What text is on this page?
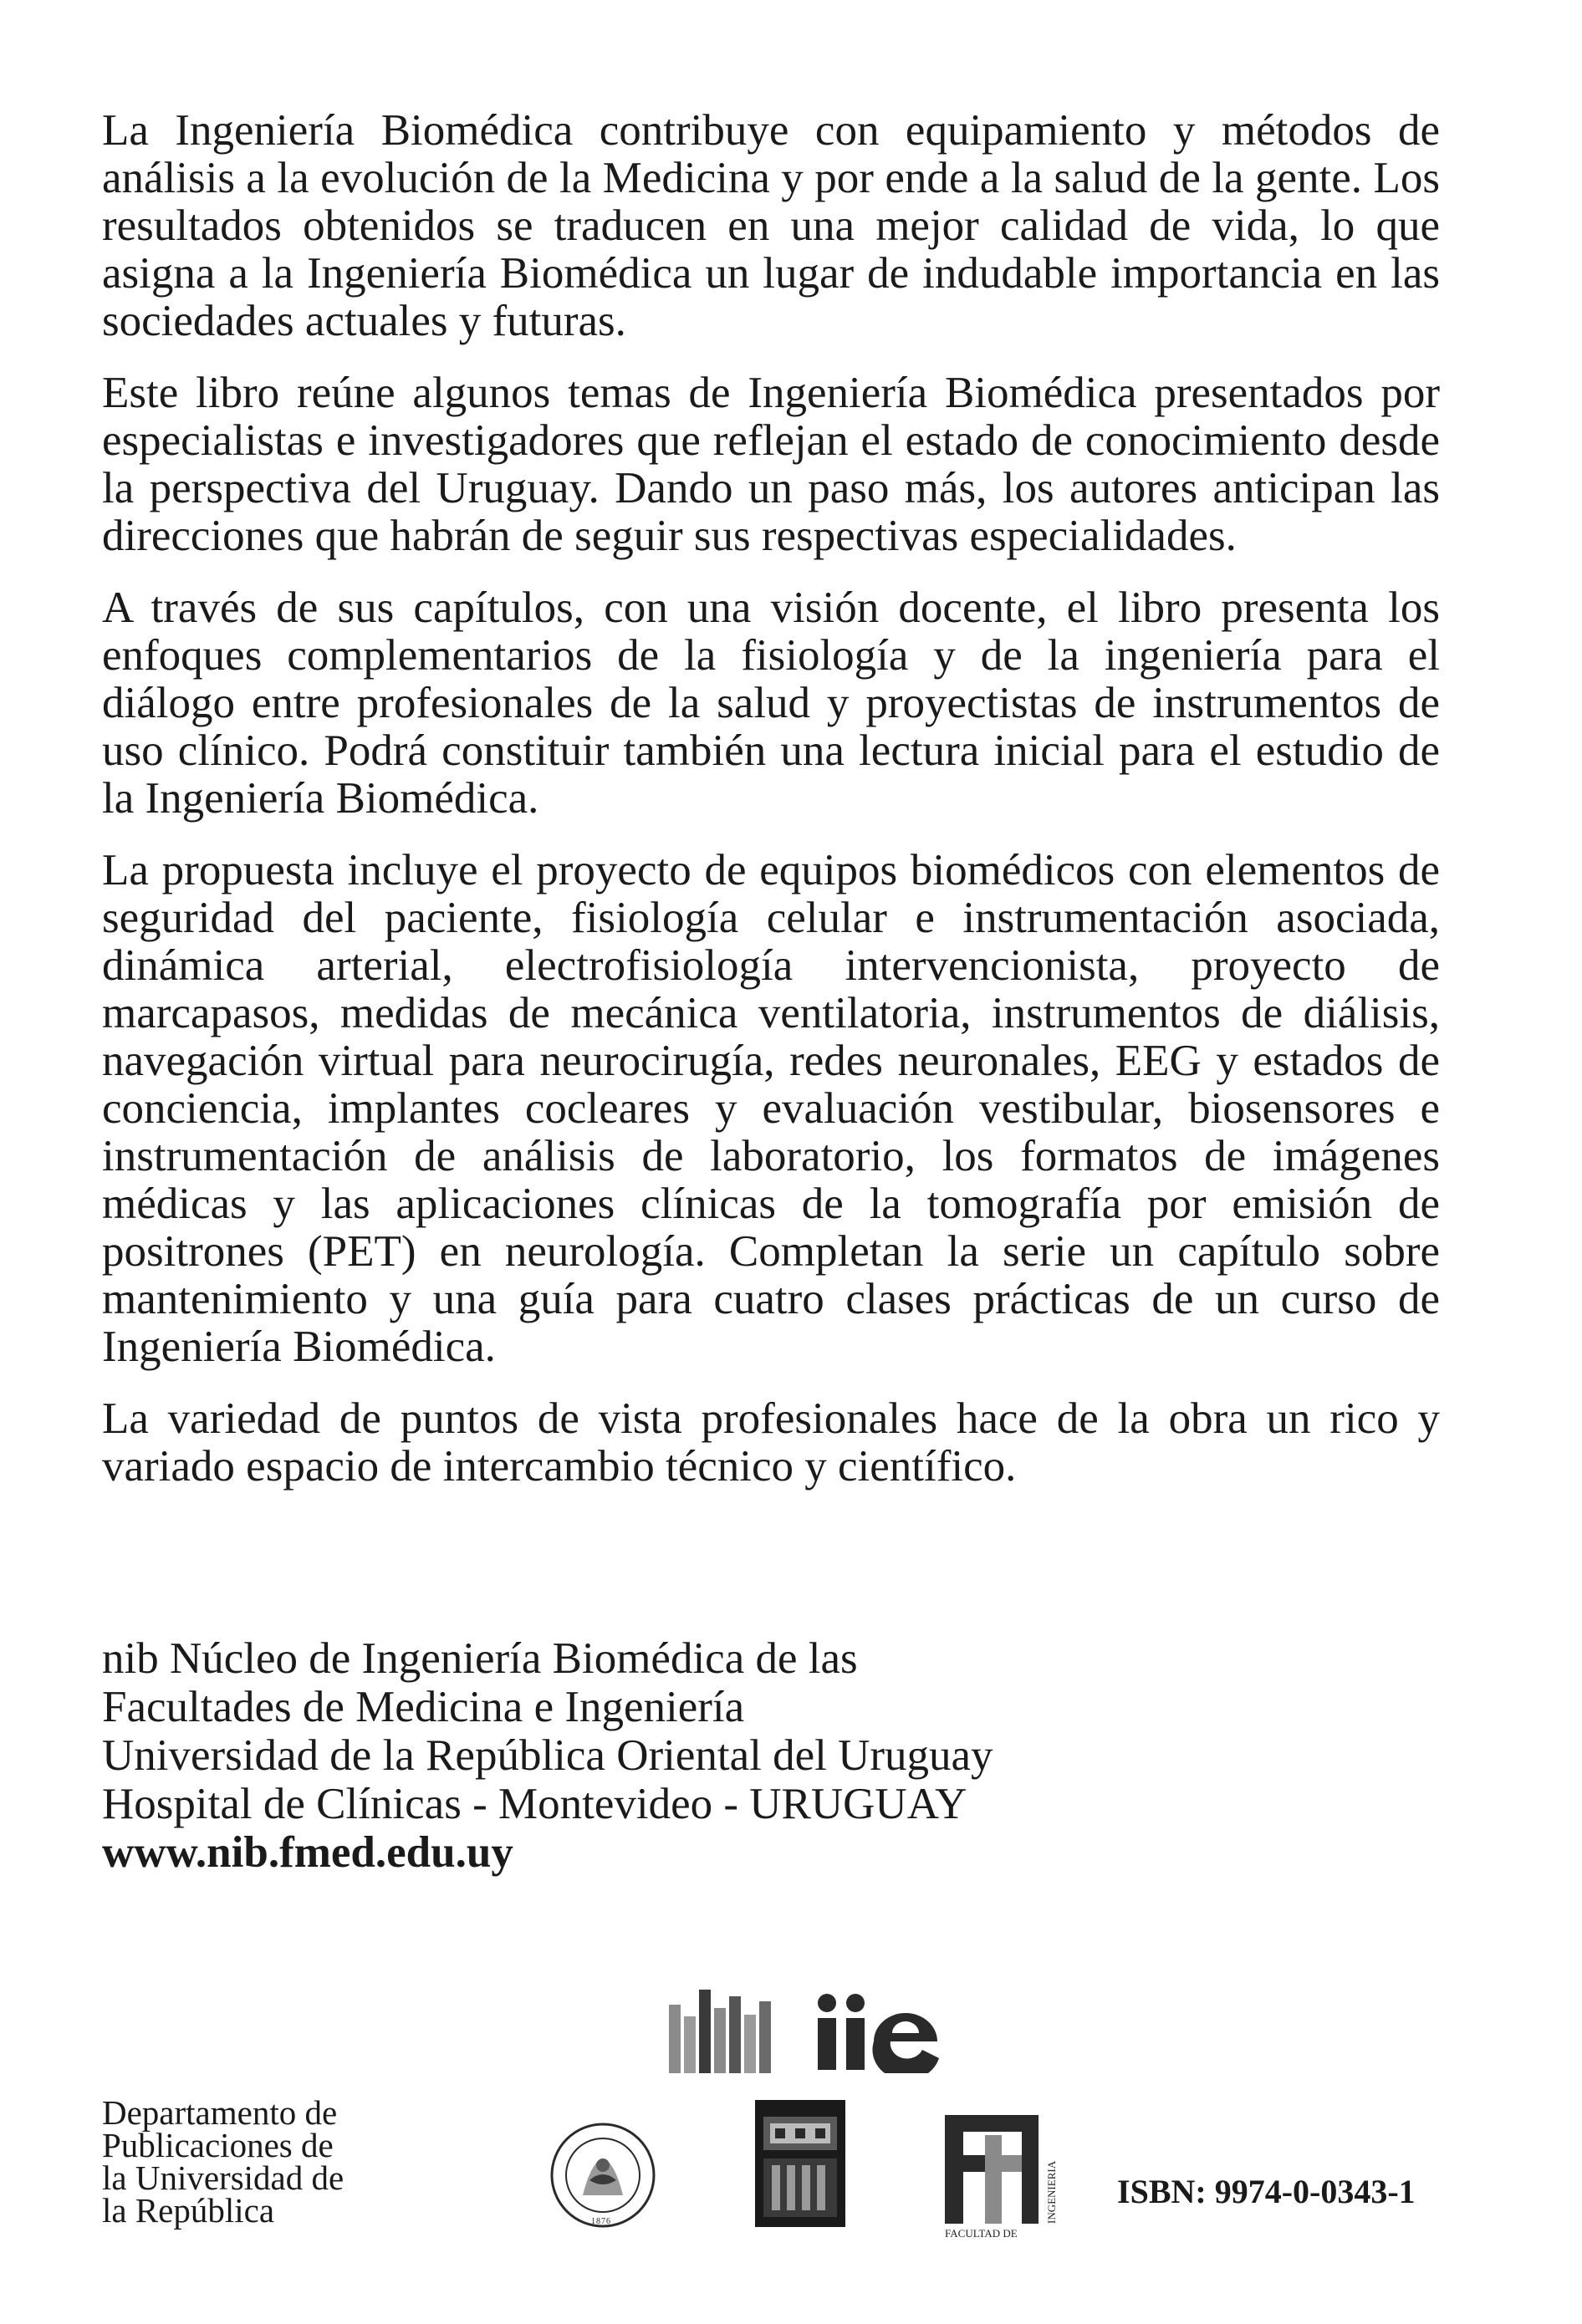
La Ingeniería Biomédica contribuye con equipamiento y métodos de análisis a la evolución de la Medicina y por ende a la salud de la gente. Los resultados obtenidos se traducen en una mejor calidad de vida, lo que asigna a la Ingeniería Biomédica un lugar de indudable importancia en las sociedades actuales y futuras.

Este libro reúne algunos temas de Ingeniería Biomédica presentados por especialistas e investigadores que reflejan el estado de conocimiento desde la perspectiva del Uruguay. Dando un paso más, los autores anticipan las direcciones que habrán de seguir sus respectivas especialidades.

A través de sus capítulos, con una visión docente, el libro presenta los enfoques complementarios de la fisiología y de la ingeniería para el diálogo entre profesionales de la salud y proyectistas de instrumentos de uso clínico. Podrá constituir también una lectura inicial para el estudio de la Ingeniería Biomédica.

La propuesta incluye el proyecto de equipos biomédicos con elementos de seguridad del paciente, fisiología celular e instrumentación asociada, dinámica arterial, electrofisiología intervencionista, proyecto de marcapasos, medidas de mecánica ventilatoria, instrumentos de diálisis, navegación virtual para neurocirugía, redes neuronales, EEG y estados de conciencia, implantes cocleares y evaluación vestibular, biosensores e instrumentación de análisis de laboratorio, los formatos de imágenes médicas y las aplicaciones clínicas de la tomografía por emisión de positrones (PET) en neurología. Completan la serie un capítulo sobre mantenimiento y una guía para cuatro clases prácticas de un curso de Ingeniería Biomédica.

La variedad de puntos de vista profesionales hace de la obra un rico y variado espacio de intercambio técnico y científico.

nib Núcleo de Ingeniería Biomédica de las
Facultades de Medicina e Ingeniería
Universidad de la República Oriental del Uruguay
Hospital de Clínicas - Montevideo - URUGUAY
www.nib.fmed.edu.uy
1876
FACULTAD DE
INGENIERIA
Departamento de
Publicaciones de
la Universidad de
la República	ISBN: 9974-0-0343-1
